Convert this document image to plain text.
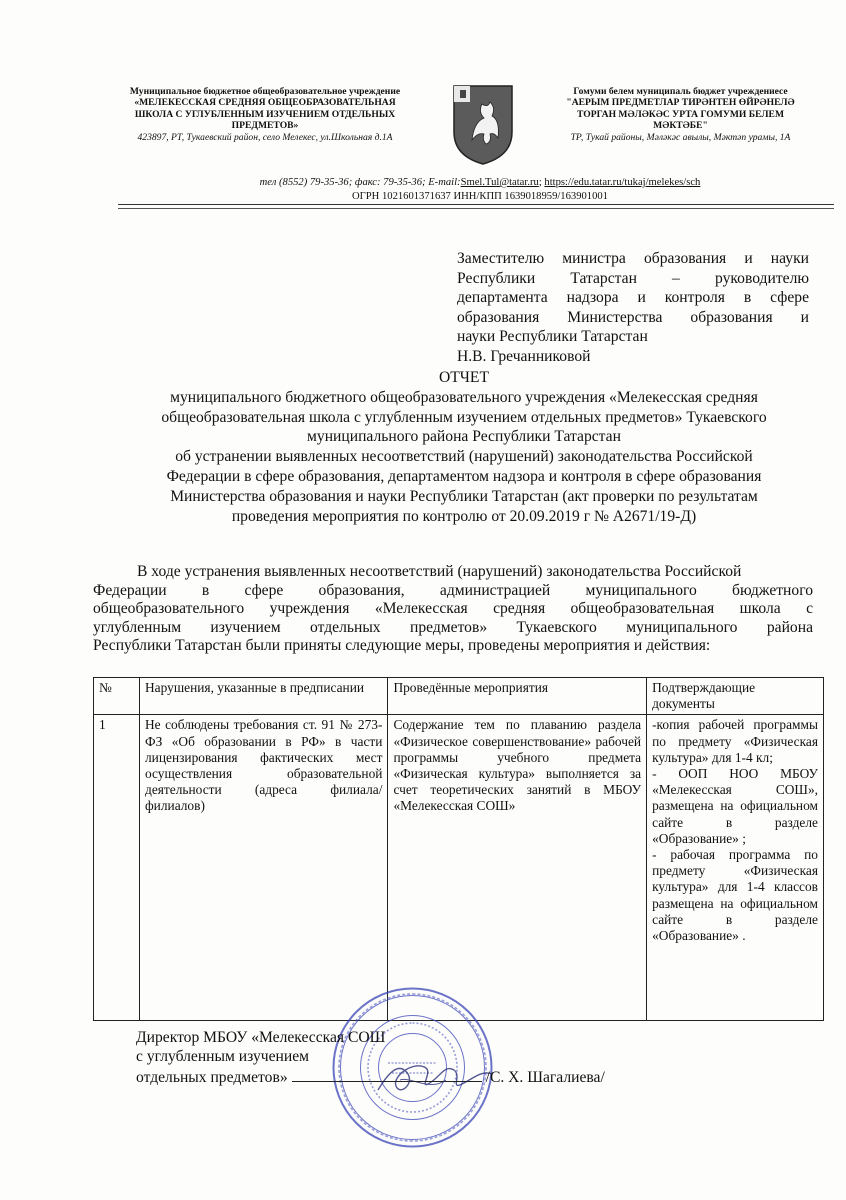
Муниципальное бюджетное общеобразовательное учреждение
«МЕЛЕКЕССКАЯ СРЕДНЯЯ ОБЩЕОБРАЗОВАТЕЛЬНАЯ
ШКОЛА С УГЛУБЛЕННЫМ ИЗУЧЕНИЕМ ОТДЕЛЬНЫХ
ПРЕДМЕТОВ»
423897, РТ, Тукаевский район, село Мелекес, ул.Школьная д.1А
Гомуми белем муниципаль бюджет учреждениесе
"АЕРЫМ ПРЕДМЕТЛАР ТИРӘНТЕН ӨЙРӘНЕЛӘ
ТОРГАН МӘЛӘКӘС УРТА ГОМУМИ БЕЛЕМ
МӘКТӘБЕ"
ТР, Тукай районы, Мәләкәс авылы, Мәктәп урамы, 1А
тел (8552) 79-35-36; факс: 79-35-36; E-mail:Smel.Tul@tatar.ru; https://edu.tatar.ru/tukaj/melekes/sch
ОГРН 1021601371637 ИНН/КПП 1639018959/163901001
Заместителю министра образования и науки
Республики Татарстан – руководителю
департамента надзора и контроля в сфере
образования Министерства образования и
науки Республики Татарстан
Н.В. Гречанниковой
ОТЧЕТ
муниципального бюджетного общеобразовательного учреждения «Мелекесская средняя
общеобразовательная школа с углубленным изучением отдельных предметов» Тукаевского
муниципального района Республики Татарстан
об устранении выявленных несоответствий (нарушений) законодательства Российской
Федерации в сфере образования, департаментом надзора и контроля в сфере образования
Министерства образования и науки Республики Татарстан (акт проверки по результатам
проведения мероприятия по контролю от 20.09.2019 г № А2671/19-Д)
В ходе устранения выявленных несоответствий (нарушений) законодательства Российской
Федерации в сфере образования, администрацией муниципального бюджетного
общеобразовательного учреждения «Мелекесская средняя общеобразовательная школа с
углубленным изучением отдельных предметов» Тукаевского муниципального района
Республики Татарстан были приняты следующие меры, проведены мероприятия и действия:
№	Нарушения, указанные в предписании	Проведённые мероприятия	Подтверждающие документы
1	Не соблюдены требования ст. 91 № 273-ФЗ «Об образовании в РФ» в части лицензирования фактических мест осуществления образовательной деятельности (адреса филиала/филиалов)	Содержание тем по плаванию раздела «Физическое совершенствование» рабочей программы учебного предмета «Физическая культура» выполняется за счет теоретических занятий в МБОУ «Мелекесская СОШ»	-копия рабочей программы по предмету «Физическая культура» для 1-4 кл;
- ООП НОО МБОУ «Мелекесская СОШ», размещена на официальном сайте в разделе «Образование» ;
- рабочая программа по предмету «Физическая культура» для 1-4 классов размещена на официальном сайте в разделе «Образование» .
Директор МБОУ «Мелекесская СОШ
с углубленным изучением
отдельных предметов»	/С. Х. Шагалиева/
